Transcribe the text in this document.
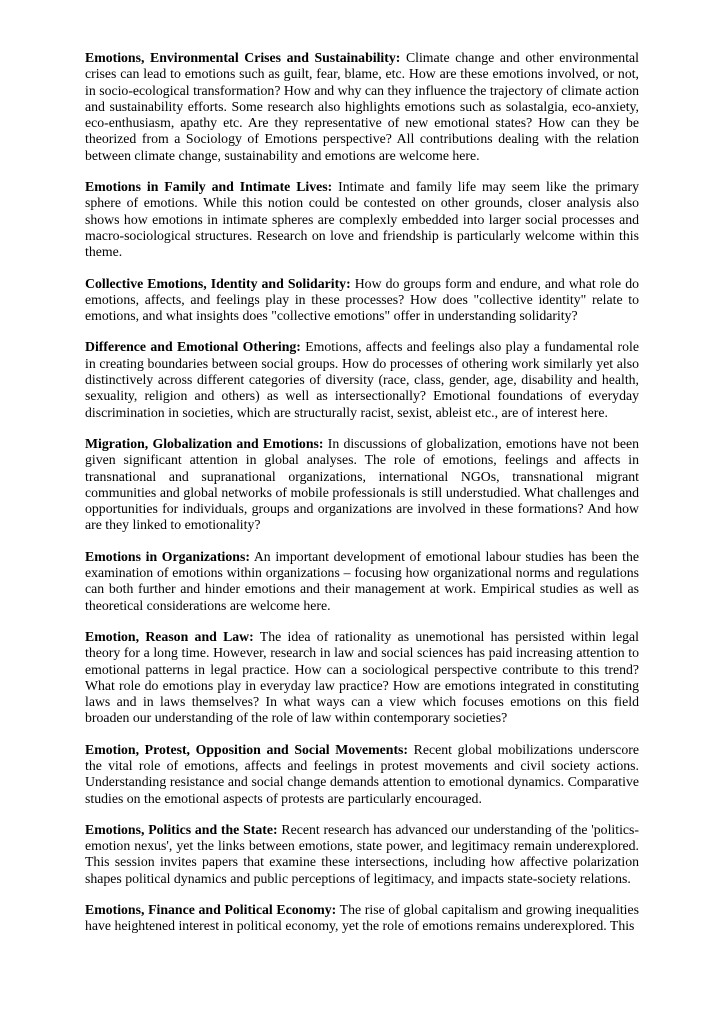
Emotions, Environmental Crises and Sustainability: Climate change and other environmental crises can lead to emotions such as guilt, fear, blame, etc. How are these emotions involved, or not, in socio-ecological transformation? How and why can they influence the trajectory of climate action and sustainability efforts. Some research also highlights emotions such as solastalgia, eco-anxiety, eco-enthusiasm, apathy etc. Are they representative of new emotional states? How can they be theorized from a Sociology of Emotions perspective? All contributions dealing with the relation between climate change, sustainability and emotions are welcome here.

Emotions in Family and Intimate Lives: Intimate and family life may seem like the primary sphere of emotions. While this notion could be contested on other grounds, closer analysis also shows how emotions in intimate spheres are complexly embedded into larger social processes and macro-sociological structures. Research on love and friendship is particularly welcome within this theme.

Collective Emotions, Identity and Solidarity: How do groups form and endure, and what role do emotions, affects, and feelings play in these processes? How does "collective identity" relate to emotions, and what insights does "collective emotions" offer in understanding solidarity?

Difference and Emotional Othering: Emotions, affects and feelings also play a fundamental role in creating boundaries between social groups. How do processes of othering work similarly yet also distinctively across different categories of diversity (race, class, gender, age, disability and health, sexuality, religion and others) as well as intersectionally? Emotional foundations of everyday discrimination in societies, which are structurally racist, sexist, ableist etc., are of interest here.

Migration, Globalization and Emotions: In discussions of globalization, emotions have not been given significant attention in global analyses. The role of emotions, feelings and affects in transnational and supranational organizations, international NGOs, transnational migrant communities and global networks of mobile professionals is still understudied. What challenges and opportunities for individuals, groups and organizations are involved in these formations? And how are they linked to emotionality?

Emotions in Organizations: An important development of emotional labour studies has been the examination of emotions within organizations – focusing how organizational norms and regulations can both further and hinder emotions and their management at work. Empirical studies as well as theoretical considerations are welcome here.

Emotion, Reason and Law: The idea of rationality as unemotional has persisted within legal theory for a long time. However, research in law and social sciences has paid increasing attention to emotional patterns in legal practice. How can a sociological perspective contribute to this trend? What role do emotions play in everyday law practice? How are emotions integrated in constituting laws and in laws themselves? In what ways can a view which focuses emotions on this field broaden our understanding of the role of law within contemporary societies?

Emotion, Protest, Opposition and Social Movements: Recent global mobilizations underscore the vital role of emotions, affects and feelings in protest movements and civil society actions. Understanding resistance and social change demands attention to emotional dynamics. Comparative studies on the emotional aspects of protests are particularly encouraged.

Emotions, Politics and the State: Recent research has advanced our understanding of the 'politics-emotion nexus', yet the links between emotions, state power, and legitimacy remain underexplored. This session invites papers that examine these intersections, including how affective polarization shapes political dynamics and public perceptions of legitimacy, and impacts state-society relations.

Emotions, Finance and Political Economy: The rise of global capitalism and growing inequalities have heightened interest in political economy, yet the role of emotions remains underexplored. This
